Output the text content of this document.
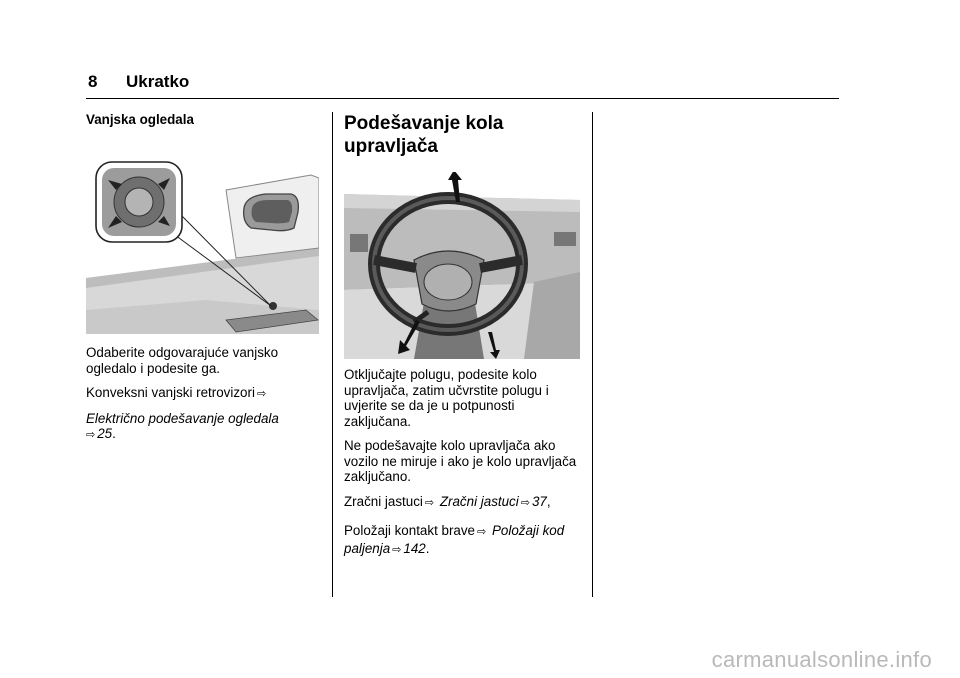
8 Ukratko

Vanjska ogledala

Odaberite odgovarajuće vanjsko ogledalo i podesite ga.

Konveksni vanjski retrovizori ⇨

Električno podešavanje ogledala
⇨ 25.

Podešavanje kola upravljača

Otključajte polugu, podesite kolo upravljača, zatim učvrstite polugu i uvjerite se da je u potpunosti zaključana.

Ne podešavajte kolo upravljača ako vozilo ne miruje i ako je kolo upravljača zaključano.

Zračni jastuci ⇨ Zračni jastuci ⇨ 37,

Položaji kontakt brave ⇨ Položaji kod paljenja ⇨ 142.

carmanualsonline.info
